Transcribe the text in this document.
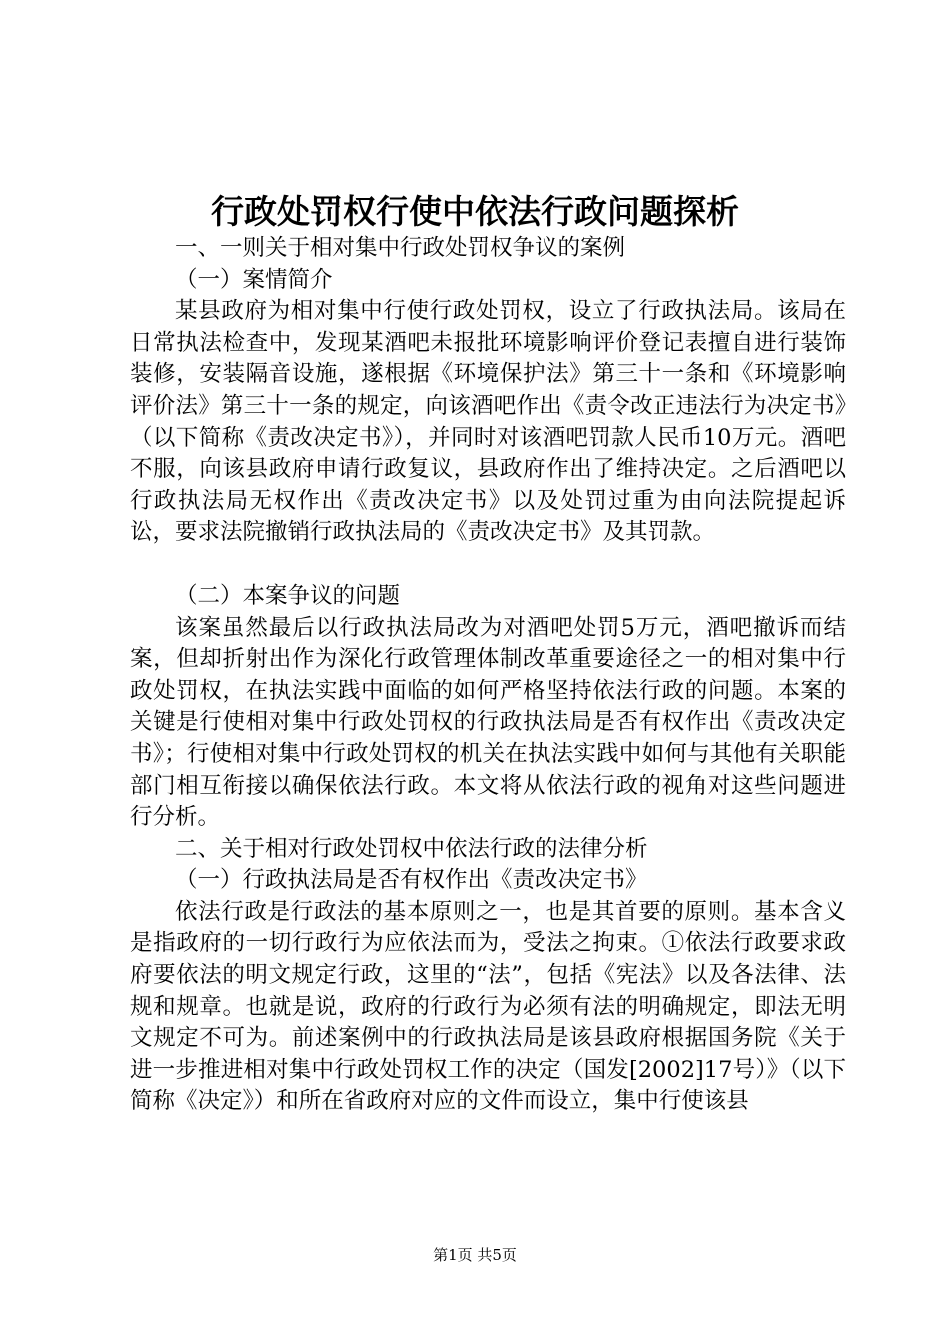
行政处罚权行使中依法行政问题探析

一、一则关于相对集中行政处罚权争议的案例

（一）案情简介

某县政府为相对集中行使行政处罚权，设立了行政执法局。该局在日常执法检查中，发现某酒吧未报批环境影响评价登记表擅自进行装饰装修，安装隔音设施，遂根据《环境保护法》第三十一条和《环境影响评价法》第三十一条的规定，向该酒吧作出《责令改正违法行为决定书》（以下简称《责改决定书》），并同时对该酒吧罚款人民币10万元。酒吧不服，向该县政府申请行政复议，县政府作出了维持决定。之后酒吧以行政执法局无权作出《责改决定书》以及处罚过重为由向法院提起诉讼，要求法院撤销行政执法局的《责改决定书》及其罚款。

（二）本案争议的问题

该案虽然最后以行政执法局改为对酒吧处罚5万元，酒吧撤诉而结案，但却折射出作为深化行政管理体制改革重要途径之一的相对集中行政处罚权，在执法实践中面临的如何严格坚持依法行政的问题。本案的关键是行使相对集中行政处罚权的行政执法局是否有权作出《责改决定书》；行使相对集中行政处罚权的机关在执法实践中如何与其他有关职能部门相互衔接以确保依法行政。本文将从依法行政的视角对这些问题进行分析。

二、关于相对行政处罚权中依法行政的法律分析

（一）行政执法局是否有权作出《责改决定书》

依法行政是行政法的基本原则之一，也是其首要的原则。基本含义是指政府的一切行政行为应依法而为，受法之拘束。①依法行政要求政府要依法的明文规定行政，这里的“法”，包括《宪法》以及各法律、法规和规章。也就是说，政府的行政行为必须有法的明确规定，即法无明文规定不可为。前述案例中的行政执法局是该县政府根据国务院《关于进一步推进相对集中行政处罚权工作的决定（国发[2002]17号）》（以下简称《决定》）和所在省政府对应的文件而设立，集中行使该县

第1页 共5页
